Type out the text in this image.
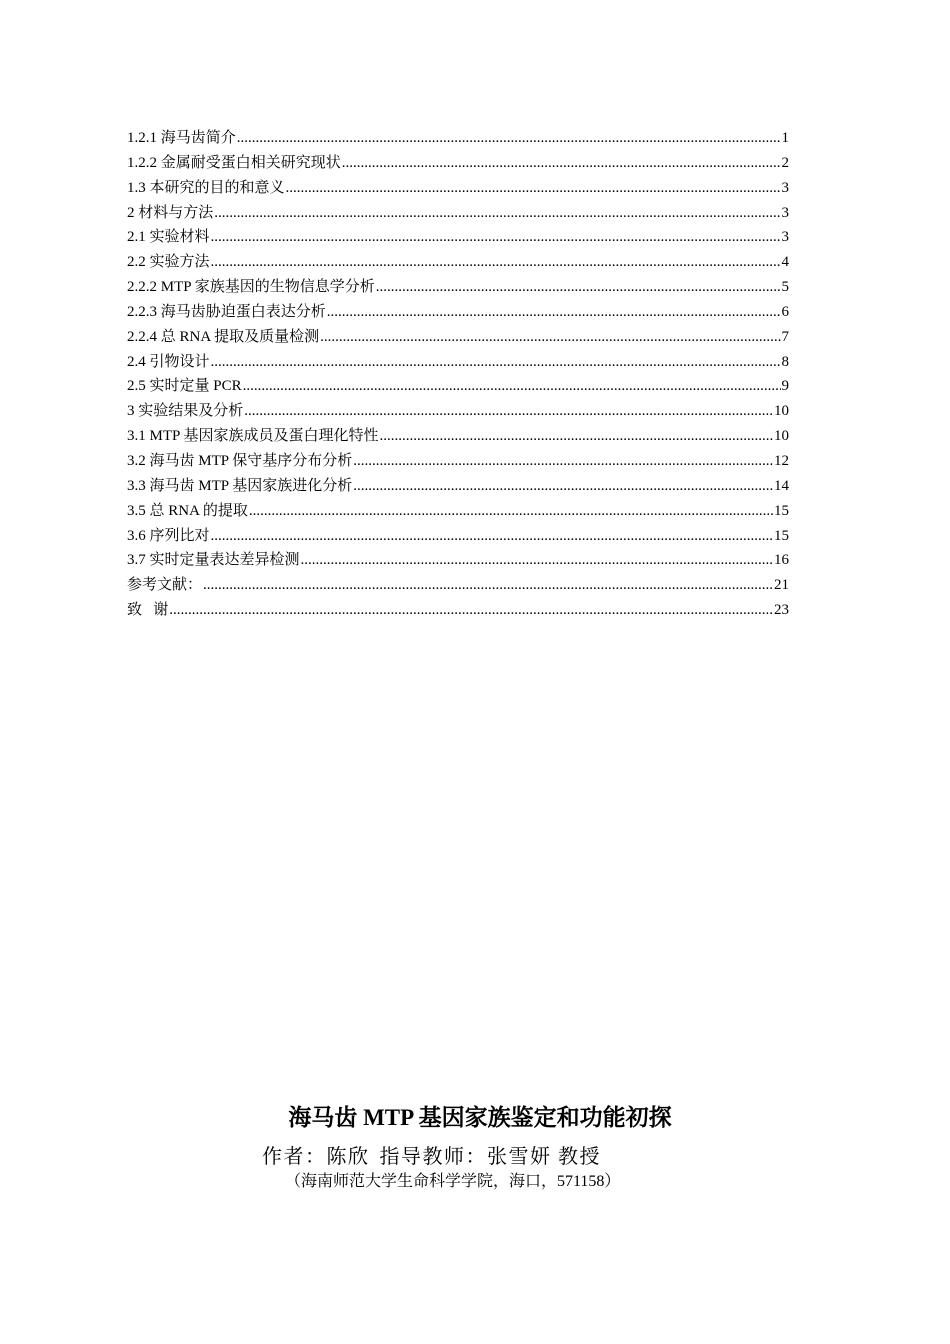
1.2.1 海马齿简介 .....	1
1.2.2 金属耐受蛋白相关研究现状 .....	2
1.3 本研究的目的和意义 .....	3
2 材料与方法 .....	3
2.1 实验材料 .....	3
2.2 实验方法 .....	4
2.2.2 MTP 家族基因的生物信息学分析 .....	5
2.2.3 海马齿胁迫蛋白表达分析 .....	6
2.2.4 总 RNA 提取及质量检测 .....	7
2.4 引物设计 .....	8
2.5 实时定量 PCR .....	9
3 实验结果及分析 .....	10
3.1 MTP 基因家族成员及蛋白理化特性 .....	10
3.2 海马齿 MTP 保守基序分布分析 .....	12
3.3 海马齿 MTP 基因家族进化分析 .....	14
3.5 总 RNA 的提取 .....	15
3.6 序列比对 .....	15
3.7 实时定量表达差异检测 .....	16
参考文献： .....	21
致   谢 .....	23
海马齿 MTP 基因家族鉴定和功能初探
作者：陈欣 指导教师：张雪妍 教授
（海南师范大学生命科学学院，海口，571158）
